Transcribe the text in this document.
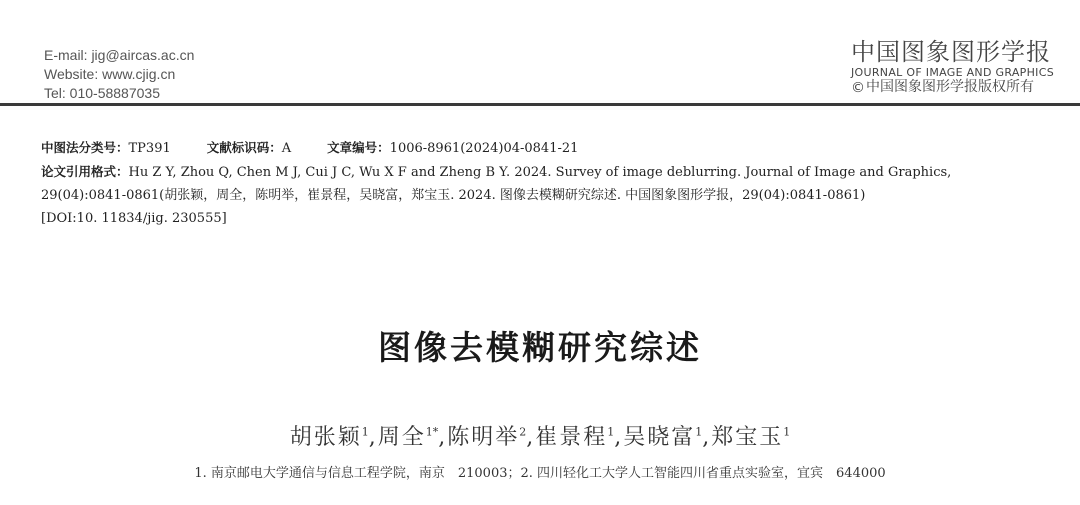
E-mail: jig@aircas.ac.cn
Website: www.cjig.cn
Tel: 010-58887035
中国图象图形学报
JOURNAL OF IMAGE AND GRAPHICS
© 中国图象图形学报版权所有
中图法分类号：TP391	文献标识码：A	文章编号：1006-8961(2024)04-0841-21
论文引用格式：Hu Z Y, Zhou Q, Chen M J, Cui J C, Wu X F and Zheng B Y. 2024. Survey of image deblurring. Journal of Image and Graphics,
29(04):0841-0861(胡张颖，周全，陈明举，崔景程，吴晓富，郑宝玉. 2024. 图像去模糊研究综述. 中国图象图形学报，29(04):0841-0861)
[DOI:10. 11834/jig. 230555]
图像去模糊研究综述
胡张颖$^1$,周全$^{1*}$,陈明举$^2$,崔景程$^1$,吴晓富$^1$,郑宝玉$^1$
1. 南京邮电大学通信与信息工程学院，南京　210003；2. 四川轻化工大学人工智能四川省重点实验室，宜宾　644000
